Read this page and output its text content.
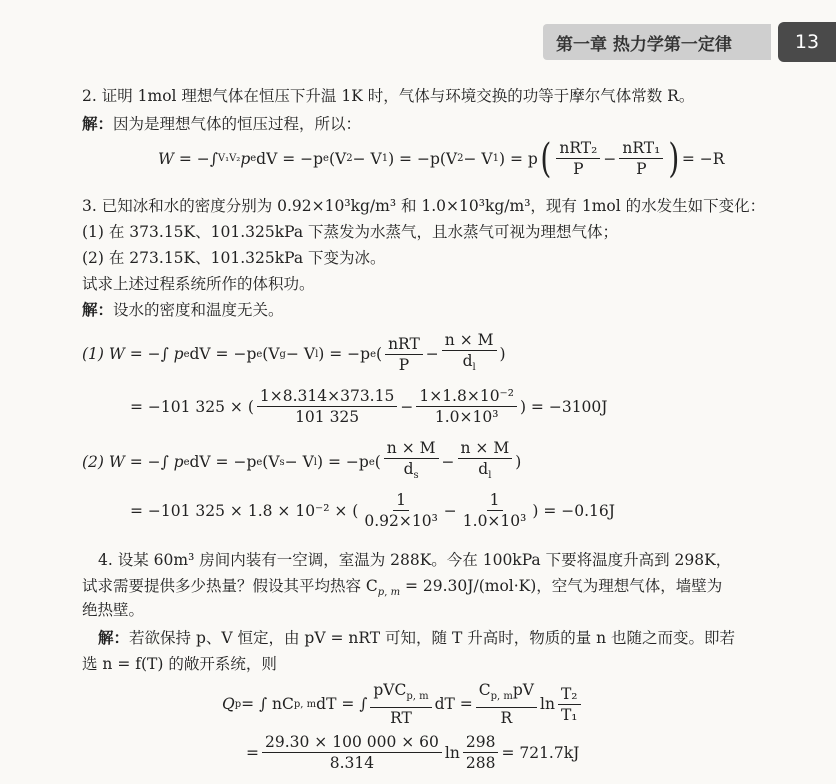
第一章 热力学第一定律	13
2. 证明 1mol 理想气体在恒压下升温 1K 时，气体与环境交换的功等于摩尔气体常数 R。
解：因为是理想气体的恒压过程，所以：
W = −∫ V₁ V₂ p e dV = −p e (V 2 − V 1 ) = −p(V 2 − V 1 ) = p ( $\frac{\text{nRT₂}}{P} - \frac{\text{nRT₁}}{P}$ ) = −R
3. 已知冰和水的密度分别为 0.92×10³kg/m³ 和 1.0×10³kg/m³，现有 1mol 的水发生如下变化：
(1) 在 373.15K、101.325kPa 下蒸发为水蒸气，且水蒸气可视为理想气体；
(2) 在 273.15K、101.325kPa 下变为冰。
试求上述过程系统所作的体积功。
解：设水的密度和温度无关。
(1) W = −∫ p e dV = −p e (V g − V l ) = −p e ( $\frac{\text{nRT}}{P} - \frac{n \times M}{d_l}$ )
= −101 325 × ( $\frac{1\times 8.314\times 373.15}{101 325} - \frac{\text{1×1.8×10⁻²}}{\text{1.0×10³}}$ ) = −3100J
(2) W = −∫ p e dV = −p e (V s − V l ) = −p e ( $\frac{n \times M}{d_s} - \frac{n \times M}{d_l}$ )
= −101 325 × 1.8 × 10⁻² × ( $\frac{1}{\text{0.92×10³}} - \frac{1}{\text{1.0×10³}}$ ) = −0.16J
4. 设某 60m³ 房间内装有一空调，室温为 288K。今在 100kPa 下要将温度升高到 298K，
试求需要提供多少热量？假设其平均热容 $C_{p, m} = 29.30J/(mol\cdot K)$，空气为理想气体，墙壁为
绝热壁。
解：若欲保持 p、V 恒定，由 pV = nRT 可知，随 T 升高时，物质的量 n 也随之而变。即若
选 n = f(T) 的敞开系统，则
Q p = ∫ nC p, m dT = ∫ $\frac{pVC_{p, m}}{RT}$ dT = $\frac{C_{p, m}pV}{R}$ $\ln \frac{\text{T₂}}{\text{T₁}}$
= $\frac{29.30 \times 100 000 \times 60}{8.314}$ $\ln \frac{298}{288} = 721.7kJ$
